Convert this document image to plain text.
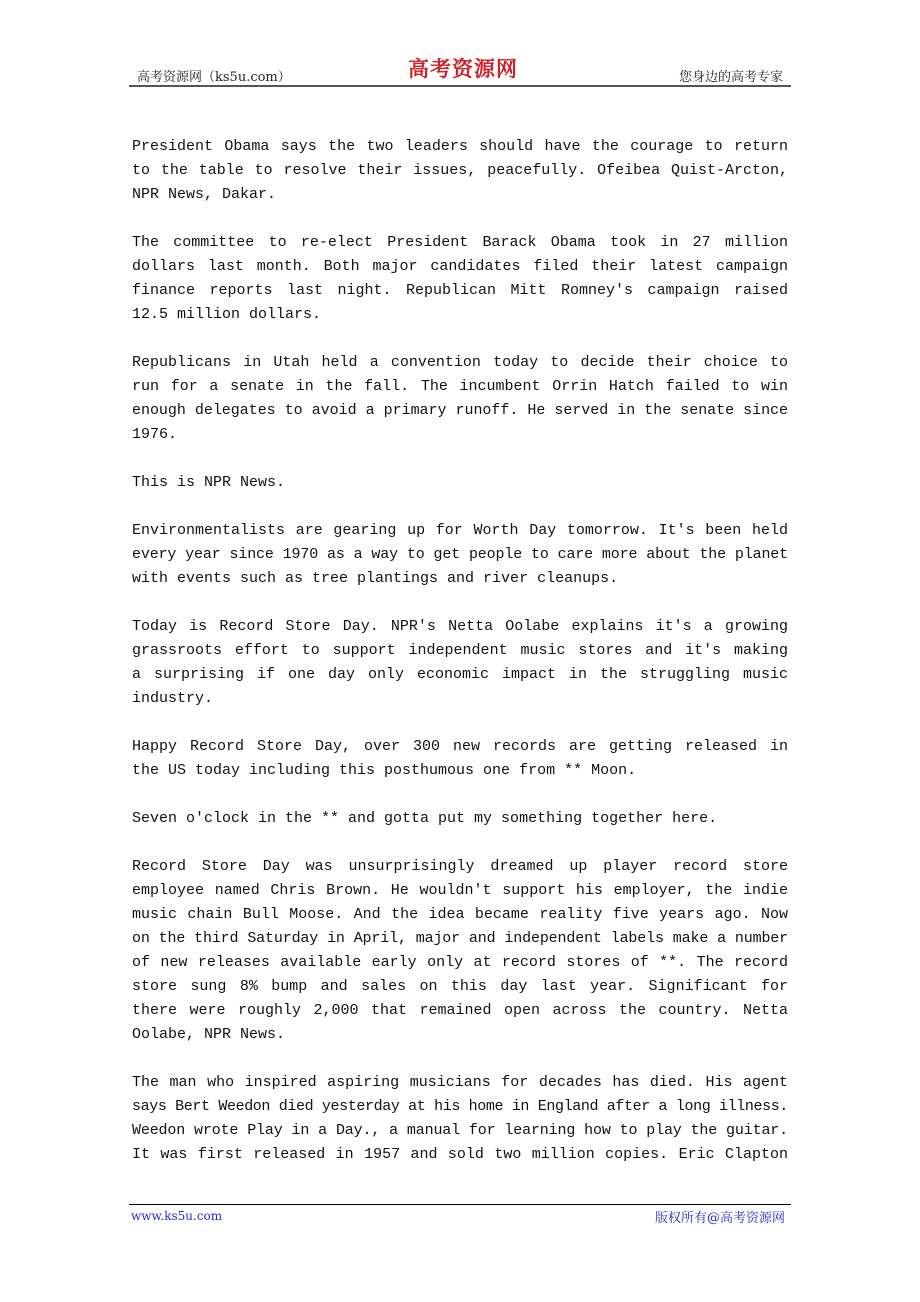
高考资源网（ks5u.com）	高考资源网	您身边的高考专家
President Obama says the two leaders should have the courage to return
to the table to resolve their issues, peacefully. Ofeibea Quist-Arcton,
NPR News, Dakar.
The committee to re-elect President Barack Obama took in 27 million
dollars last month. Both major candidates filed their latest campaign
finance reports last night. Republican Mitt Romney's campaign raised
12.5 million dollars.
Republicans in Utah held a convention today to decide their choice to
run for a senate in the fall. The incumbent Orrin Hatch failed to win
enough delegates to avoid a primary runoff. He served in the senate since
1976.
This is NPR News.
Environmentalists are gearing up for Worth Day tomorrow. It's been held
every year since 1970 as a way to get people to care more about the planet
with events such as tree plantings and river cleanups.
Today is Record Store Day. NPR's Netta Oolabe explains it's a growing
grassroots effort to support independent music stores and it's making
a surprising if one day only economic impact in the struggling music
industry.
Happy Record Store Day, over 300 new records are getting released in
the US today including this posthumous one from ** Moon.
Seven o'clock in the ** and gotta put my something together here.
Record Store Day was unsurprisingly dreamed up player record store
employee named Chris Brown. He wouldn't support his employer, the indie
music chain Bull Moose. And the idea became reality five years ago. Now
on the third Saturday in April, major and independent labels make a number
of new releases available early only at record stores of **. The record
store sung 8% bump and sales on this day last year. Significant for
there were roughly 2,000 that remained open across the country. Netta
Oolabe, NPR News.
The man who inspired aspiring musicians for decades has died. His agent
says Bert Weedon died yesterday at his home in England after a long illness.
Weedon wrote Play in a Day., a manual for learning how to play the guitar.
It was first released in 1957 and sold two million copies. Eric Clapton
www.ks5u.com	版权所有@高考资源网
